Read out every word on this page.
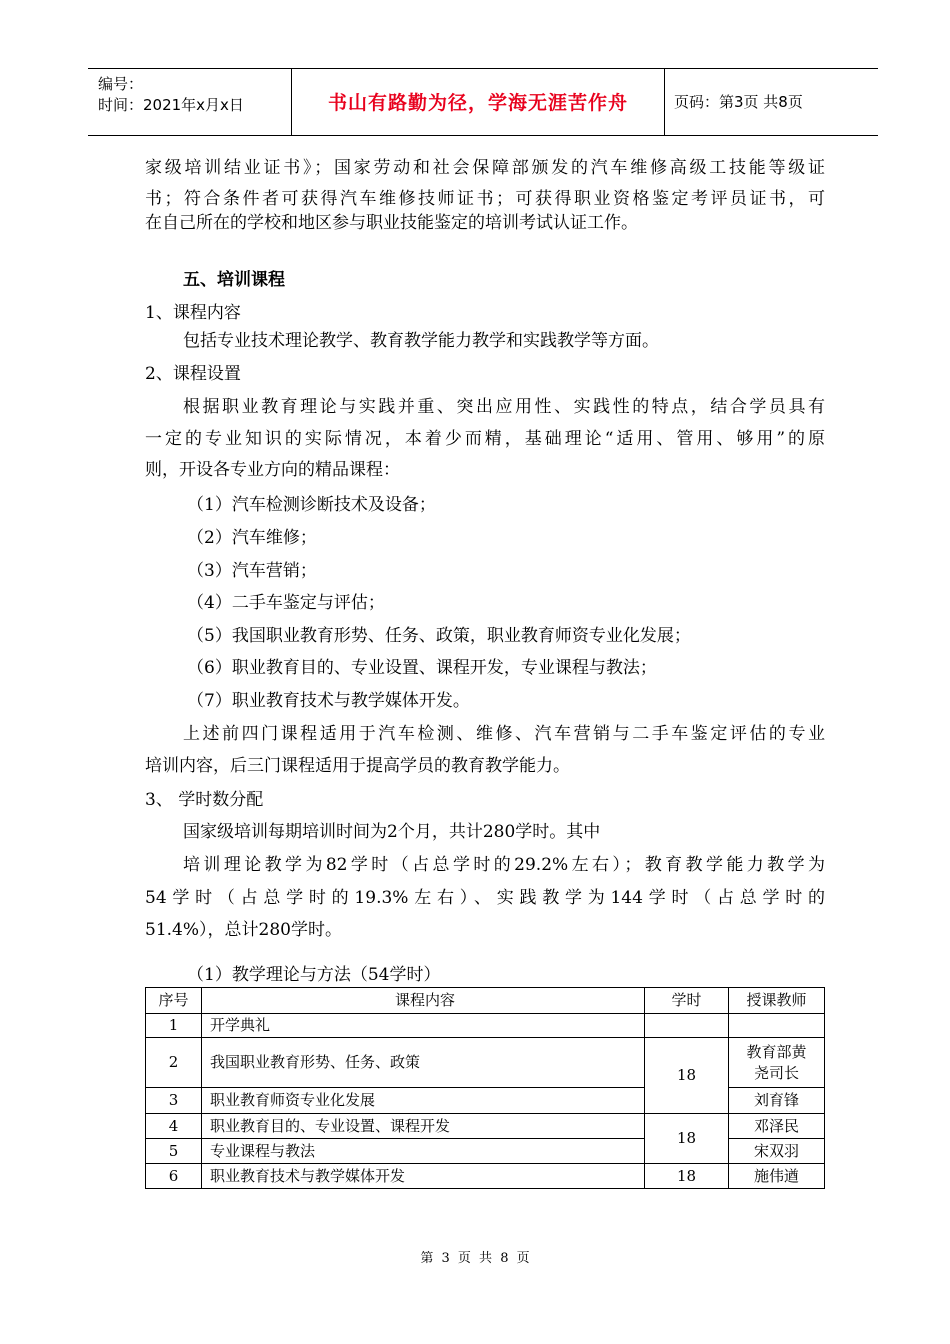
编号：
时间：2021年x月x日	书山有路勤为径，学海无涯苦作舟	页码：第3页 共8页
家级培训结业证书》；国家劳动和社会保障部颁发的汽车维修高级工技能等级证
书；符合条件者可获得汽车维修技师证书；可获得职业资格鉴定考评员证书，可
在自己所在的学校和地区参与职业技能鉴定的培训考试认证工作。
五、培训课程
1、课程内容
包括专业技术理论教学、教育教学能力教学和实践教学等方面。
2、课程设置
根据职业教育理论与实践并重、突出应用性、实践性的特点，结合学员具有
一定的专业知识的实际情况，本着少而精，基础理论“适用、管用、够用”的原
则，开设各专业方向的精品课程：
（1）汽车检测诊断技术及设备；
（2）汽车维修；
（3）汽车营销；
（4）二手车鉴定与评估；
（5）我国职业教育形势、任务、政策，职业教育师资专业化发展；
（6）职业教育目的、专业设置、课程开发，专业课程与教法；
（7）职业教育技术与教学媒体开发。
上述前四门课程适用于汽车检测、维修、汽车营销与二手车鉴定评估的专业
培训内容，后三门课程适用于提高学员的教育教学能力。
3、 学时数分配
国家级培训每期培训时间为2个月，共计280学时。其中
培训理论教学为82学时（占总学时的29.2%左右）；教育教学能力教学为
54学时（占总学时的19.3%左右）、实践教学为144学时（占总学时的
51.4%），总计280学时。
（1）教学理论与方法（54学时）
序号	课程内容	学时	授课教师
1	开学典礼		
2	我国职业教育形势、任务、政策	18	教育部黄尧司长
3	职业教育师资专业化发展		刘育锋
4	职业教育目的、专业设置、课程开发	18	邓泽民
5	专业课程与教法		宋双羽
6	职业教育技术与教学媒体开发	18	施伟遒
第 3 页 共 8 页
